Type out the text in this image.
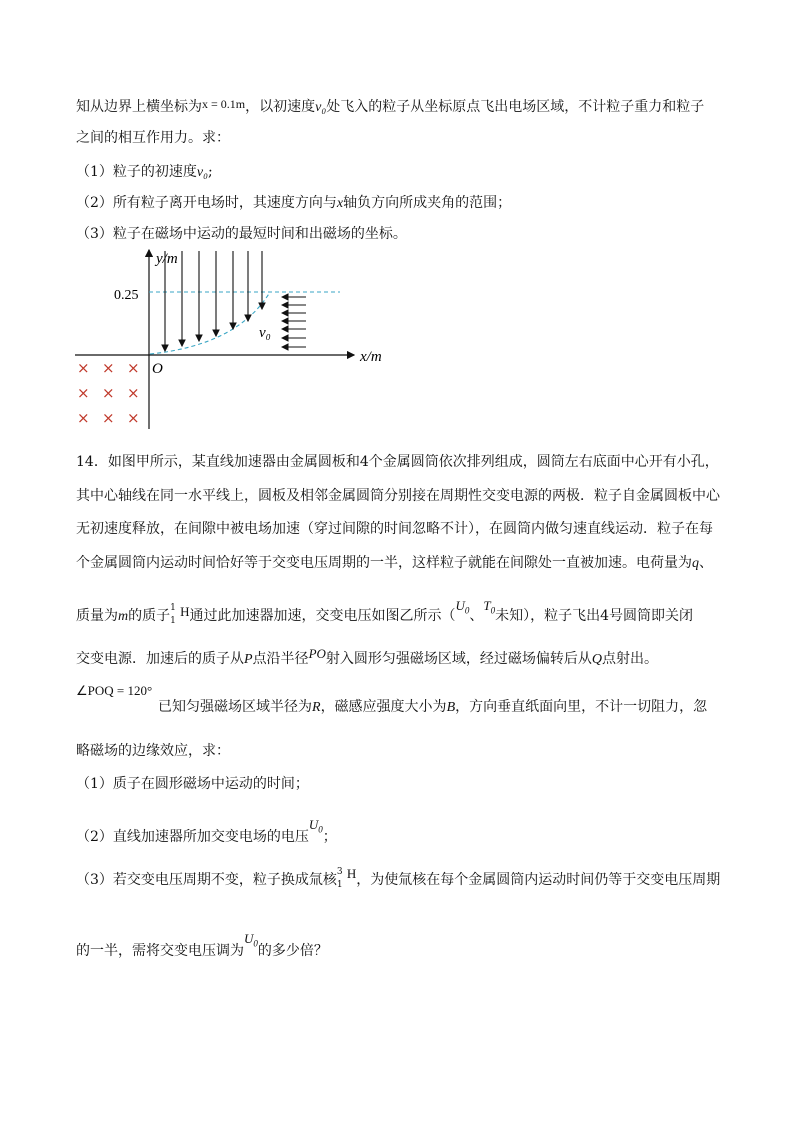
知从边界上横坐标为x = 0.1m，以初速度v₀处飞入的粒子从坐标原点飞出电场区域，不计粒子重力和粒子
之间的相互作用力。求：
（1）粒子的初速度v₀;
（2）所有粒子离开电场时，其速度方向与x轴负方向所成夹角的范围；
（3）粒子在磁场中运动的最短时间和出磁场的坐标。
y/m
x/m
O
0.25
v₀
× × ×
× × ×
× × ×
14．如图甲所示，某直线加速器由金属圆板和4个金属圆筒依次排列组成，圆筒左右底面中心开有小孔，
其中心轴线在同一水平线上，圆板及相邻金属圆筒分别接在周期性交变电源的两极．粒子自金属圆板中心
无初速度释放，在间隙中被电场加速（穿过间隙的时间忽略不计），在圆筒内做匀速直线运动．粒子在每
个金属圆筒内运动时间恰好等于交变电压周期的一半，这样粒子就能在间隙处一直被加速。电荷量为q、
质量为m的质子 1
1
H通过此加速器加速，交变电压如图乙所示（$U_0$、$T_0$未知），粒子飞出4号圆筒即关闭
交变电源．加速后的质子从P点沿半径PO射入圆形匀强磁场区域，经过磁场偏转后从Q点射出。
∠POQ = 120°
已知匀强磁场区域半径为R，磁感应强度大小为B，方向垂直纸面向里，不计一切阻力，忽
略磁场的边缘效应，求：
（1）质子在圆形磁场中运动的时间；
（2）直线加速器所加交变电场的电压$U_0$；
（3）若交变电压周期不变，粒子换成氚核 3
1
H，为使氚核在每个金属圆筒内运动时间仍等于交变电压周期
的一半，需将交变电压调为$U_0$的多少倍？
